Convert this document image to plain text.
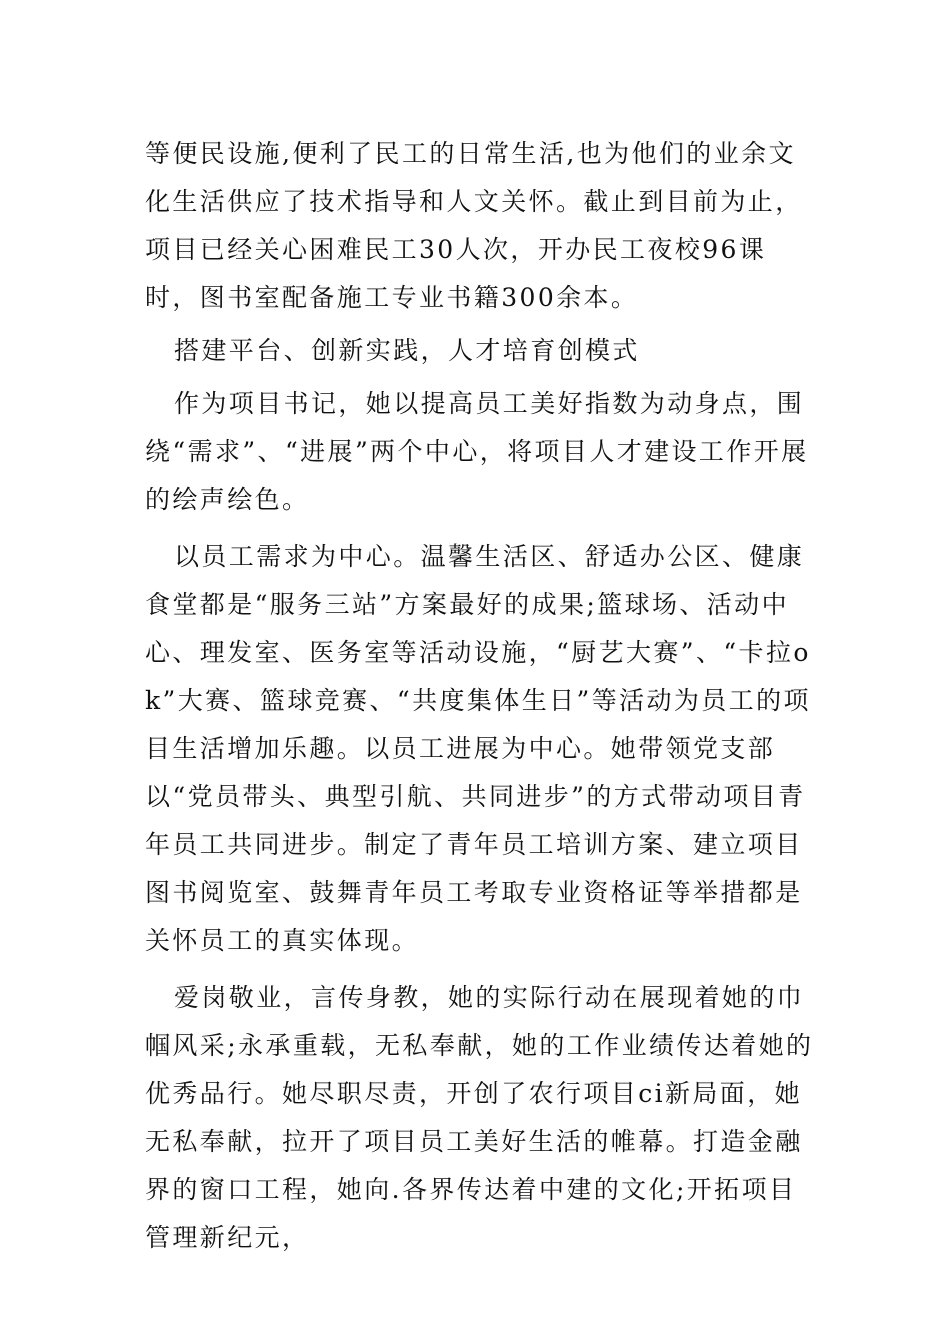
等便民设施,便利了民工的日常生活,也为他们的业余文化生活供应了技术指导和人文关怀。截止到目前为止，项目已经关心困难民工30人次，开办民工夜校96课时，图书室配备施工专业书籍300余本。

搭建平台、创新实践，人才培育创模式

作为项目书记，她以提高员工美好指数为动身点，围绕“需求”、“进展”两个中心，将项目人才建设工作开展的绘声绘色。

以员工需求为中心。温馨生活区、舒适办公区、健康食堂都是“服务三站”方案最好的成果;篮球场、活动中心、理发室、医务室等活动设施，“厨艺大赛”、“卡拉ok”大赛、篮球竞赛、“共度集体生日”等活动为员工的项目生活增加乐趣。以员工进展为中心。她带领党支部以“党员带头、典型引航、共同进步”的方式带动项目青年员工共同进步。制定了青年员工培训方案、建立项目图书阅览室、鼓舞青年员工考取专业资格证等举措都是关怀员工的真实体现。

爱岗敬业，言传身教，她的实际行动在展现着她的巾帼风采;永承重载，无私奉献，她的工作业绩传达着她的优秀品行。她尽职尽责，开创了农行项目ci新局面，她无私奉献，拉开了项目员工美好生活的帷幕。打造金融界的窗口工程，她向.各界传达着中建的文化;开拓项目管理新纪元，
